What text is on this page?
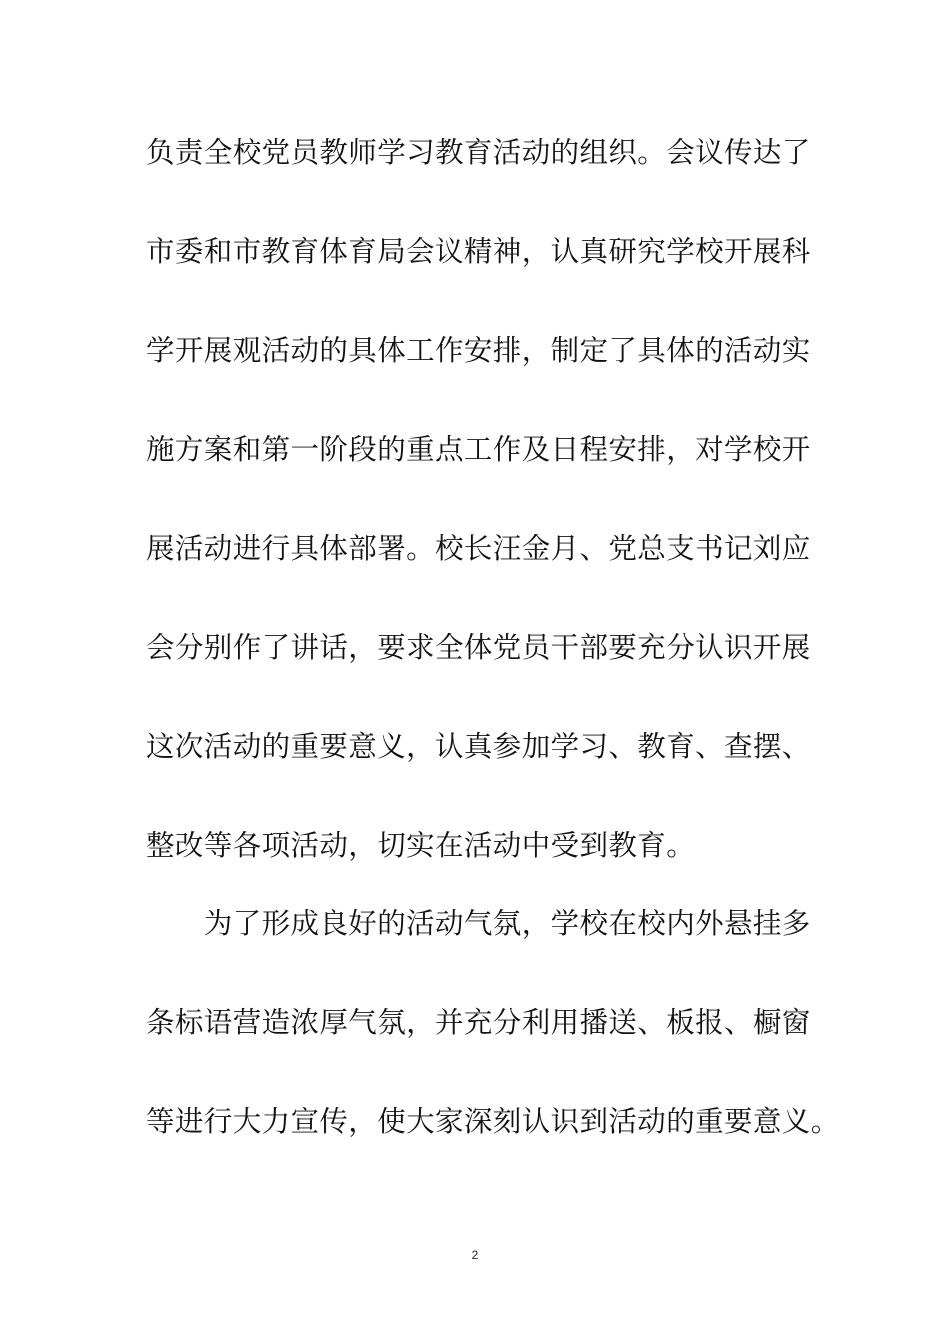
负责全校党员教师学习教育活动的组织。会议传达了
市委和市教育体育局会议精神，认真研究学校开展科
学开展观活动的具体工作安排，制定了具体的活动实
施方案和第一阶段的重点工作及日程安排，对学校开
展活动进行具体部署。校长汪金月、党总支书记刘应
会分别作了讲话，要求全体党员干部要充分认识开展
这次活动的重要意义，认真参加学习、教育、查摆、
整改等各项活动，切实在活动中受到教育。
　　为了形成良好的活动气氛，学校在校内外悬挂多
条标语营造浓厚气氛，并充分利用播送、板报、橱窗
等进行大力宣传，使大家深刻认识到活动的重要意义。
2
